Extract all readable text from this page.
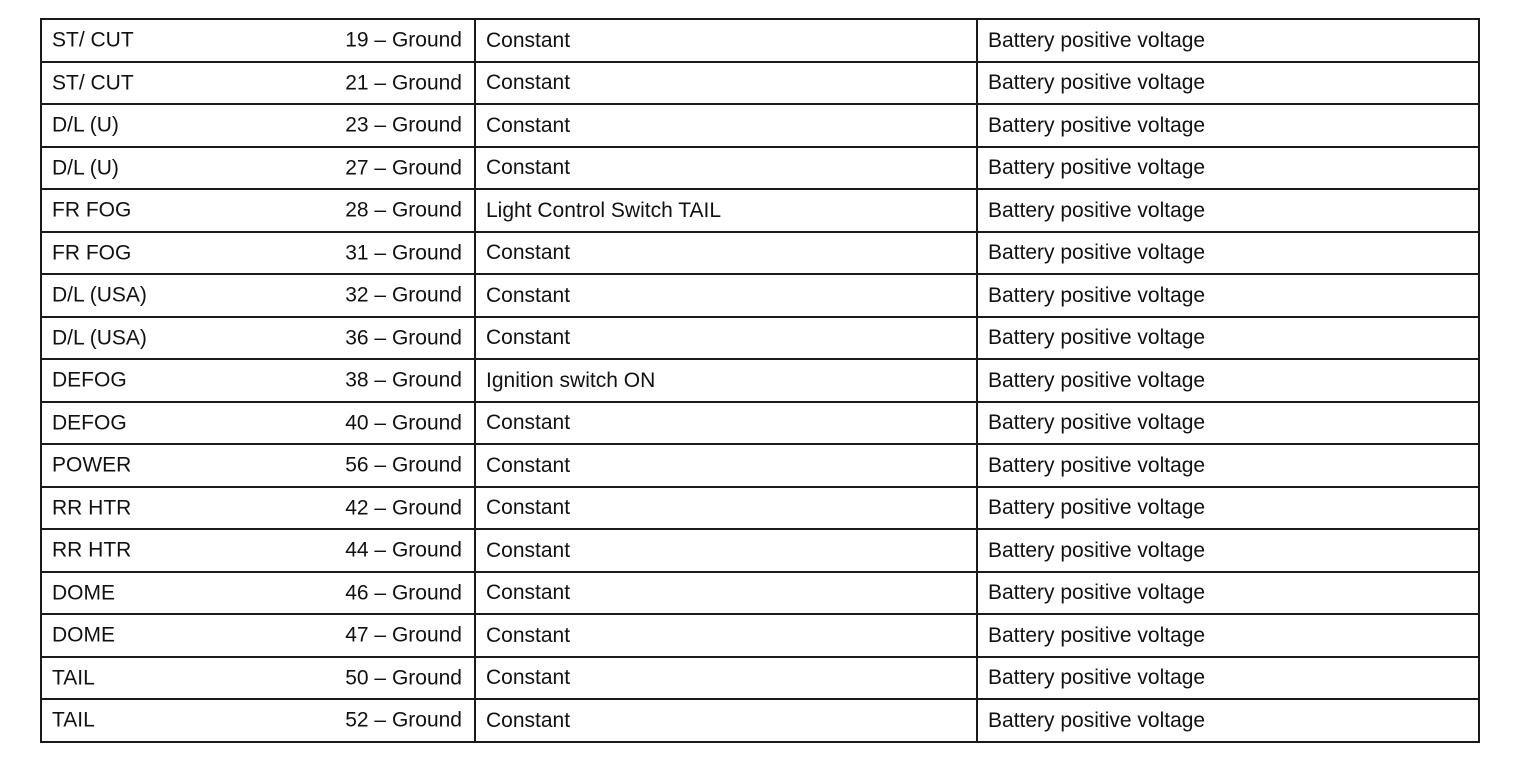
ST/ CUT 19 – Ground	Constant	Battery positive voltage

ST/ CUT 21 – Ground	Constant	Battery positive voltage

D/L (U) 23 – Ground	Constant	Battery positive voltage

D/L (U) 27 – Ground	Constant	Battery positive voltage

FR FOG 28 – Ground	Light Control Switch TAIL	Battery positive voltage

FR FOG 31 – Ground	Constant	Battery positive voltage

D/L (USA) 32 – Ground	Constant	Battery positive voltage

D/L (USA) 36 – Ground	Constant	Battery positive voltage

DEFOG 38 – Ground	Ignition switch ON	Battery positive voltage

DEFOG 40 – Ground	Constant	Battery positive voltage

POWER 56 – Ground	Constant	Battery positive voltage

RR HTR 42 – Ground	Constant	Battery positive voltage

RR HTR 44 – Ground	Constant	Battery positive voltage

DOME 46 – Ground	Constant	Battery positive voltage

DOME 47 – Ground	Constant	Battery positive voltage

TAIL 50 – Ground	Constant	Battery positive voltage

TAIL 52 – Ground	Constant	Battery positive voltage
